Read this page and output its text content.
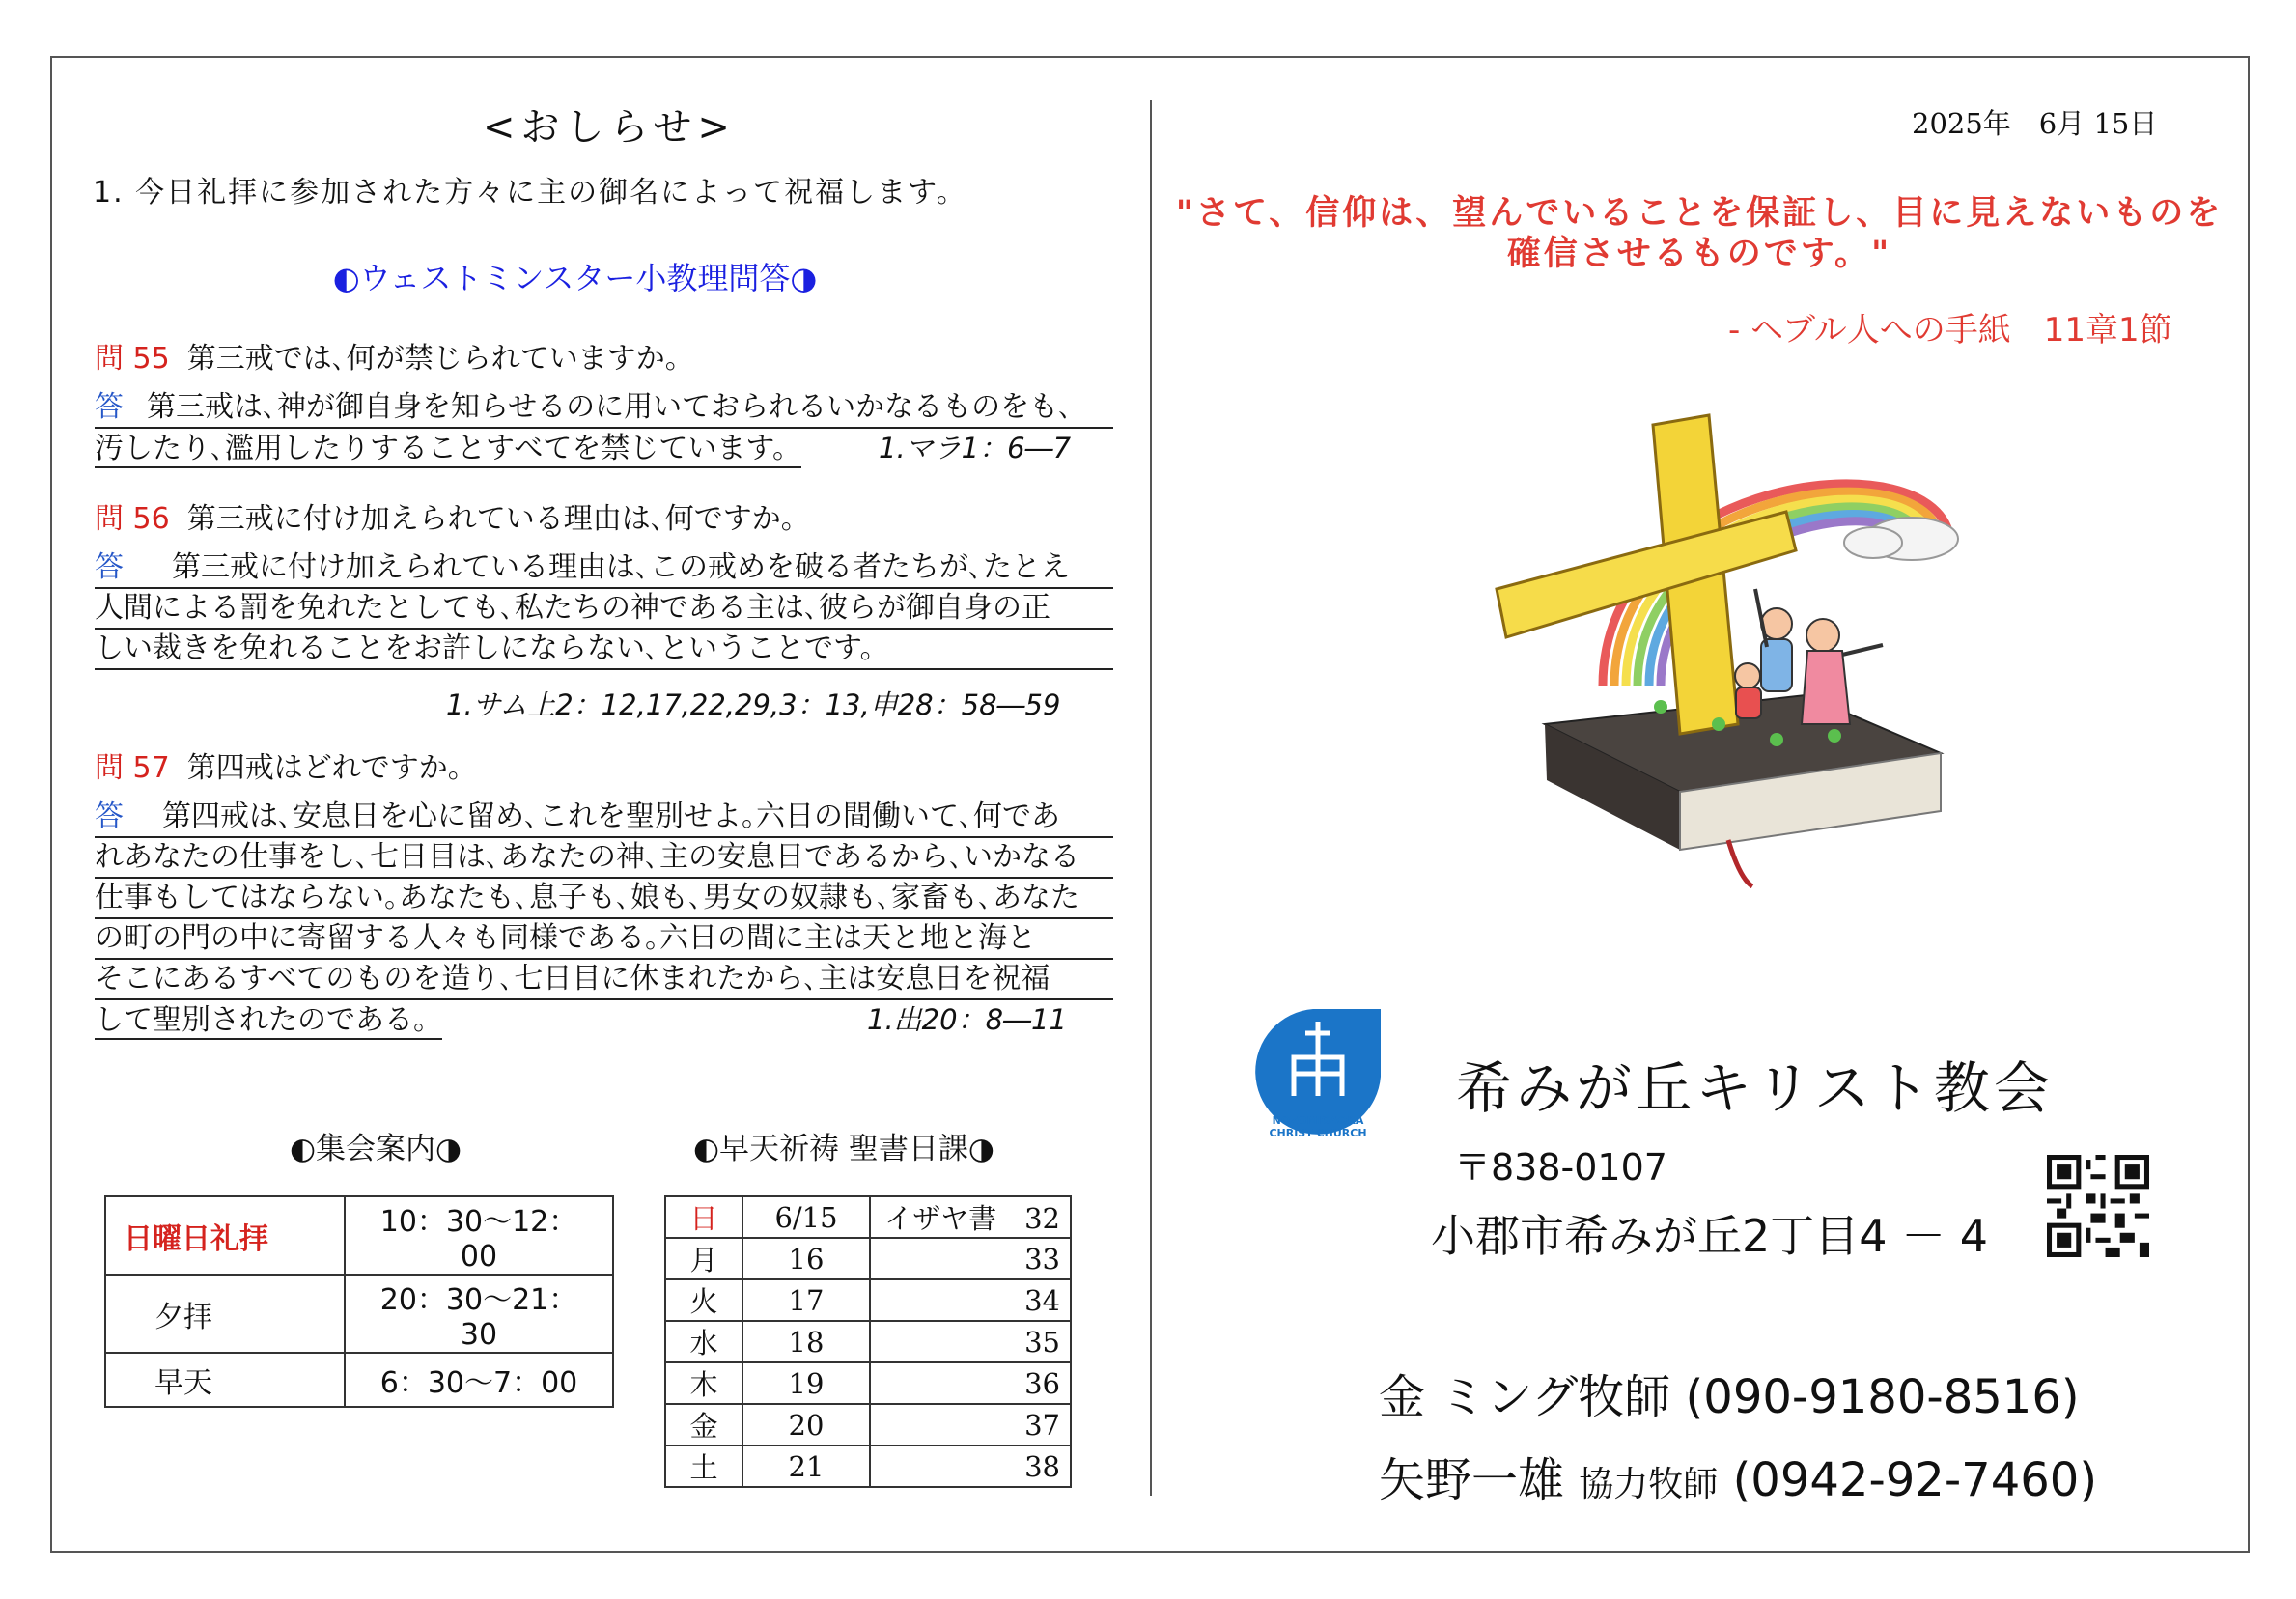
<おしらせ>
1. 今日礼拝に参加された方々に主の御名によって祝福します。
◐ウェストミンスター小教理問答◑
問 55 第三戒では､何が禁じられていますか。
答 第三戒は､神が御自身を知らせるのに用いておられるいかなるものをも､
汚したり､濫用したりすることすべてを禁じています。	1.マラ1：6―7
問 56 第三戒に付け加えられている理由は､何ですか。
答 第三戒に付け加えられている理由は､この戒めを破る者たちが､たとえ
人間による罰を免れたとしても､私たちの神である主は､彼らが御自身の正
しい裁きを免れることをお許しにならない､ということです。
1.サム上2：12,17,22,29,3：13,申28：58―59
問 57 第四戒はどれですか。
答 第四戒は､安息日を心に留め､これを聖別せよ｡六日の間働いて､何であ
れあなたの仕事をし､七日目は､あなたの神､主の安息日であるから､いかなる
仕事もしてはならない｡あなたも､息子も､娘も､男女の奴隷も､家畜も､あなた
の町の門の中に寄留する人々も同様である｡六日の間に主は天と地と海と
そこにあるすべてのものを造り､七日目に休まれたから､主は安息日を祝福
して聖別されたのである。	1.出20：8―11
◐集会案内◑
日曜日礼拝	10：30～12：00
夕拝	20：30～21：30
早天	6：30～7：00
◐早天祈祷 聖書日課◑
日	6/15	イザヤ書　32
月	16	33
火	17	34
水	18	35
木	19	36
金	20	37
土	21	38
2025年　6月 15日
"さて、信仰は、望んでいることを保証し、目に見えないものを確信させるものです。"
- ヘブル人への手紙　11章1節
NOZOMIGAOKA
CHRIST CHURCH
希みが丘キリスト教会
〒838-0107
小郡市希みが丘2丁目4 － 4
金 ミング牧師 (090-9180-8516)
矢野一雄 協力牧師 (0942-92-7460)
